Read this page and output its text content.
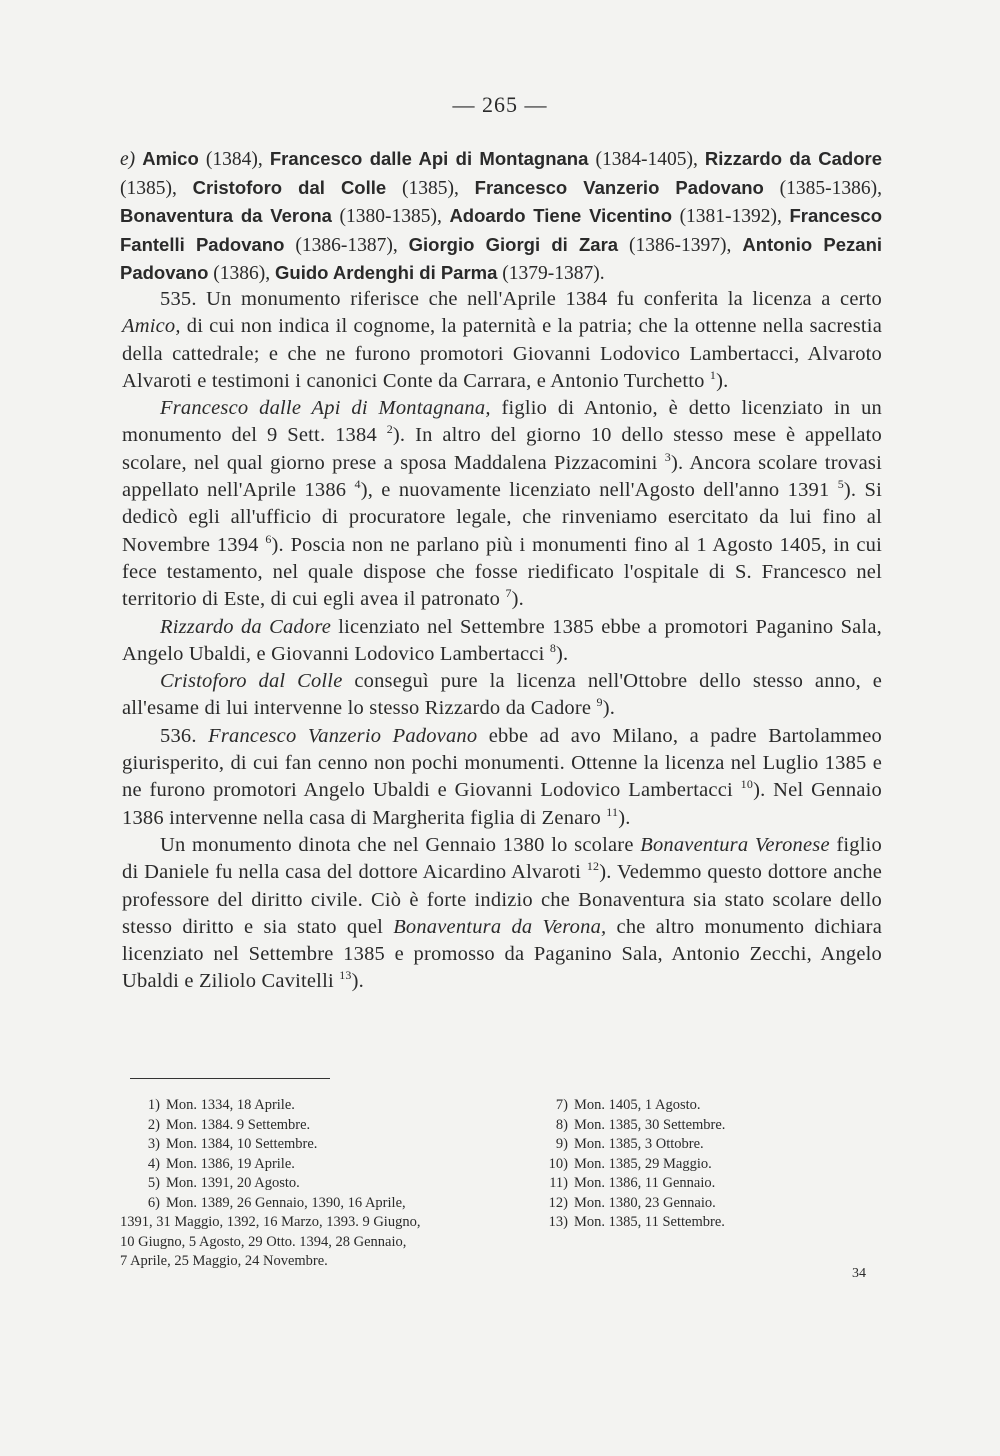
— 265 —
e) Amico (1384), Francesco dalle Api di Montagnana (1384-1405), Rizzardo da Cadore (1385), Cristoforo dal Colle (1385), Francesco Vanzerio Padovano (1385-1386), Bonaventura da Verona (1380-1385), Adoardo Tiene Vicentino (1381-1392), Francesco Fantelli Padovano (1386-1387), Giorgio Giorgi di Zara (1386-1397), Antonio Pezani Padovano (1386), Guido Ardenghi di Parma (1379-1387).

535. Un monumento riferisce che nell'Aprile 1384 fu conferita la licenza a certo Amico, di cui non indica il cognome, la paternità e la patria; che la ottenne nella sacrestia della cattedrale; e che ne furono promotori Giovanni Lodovico Lambertacci, Alvaroto Alvaroti e testimoni i canonici Conte da Carrara, e Antonio Turchetto $^1$).

Francesco dalle Api di Montagnana, figlio di Antonio, è detto licenziato in un monumento del 9 Sett. 1384 $^2$). In altro del giorno 10 dello stesso mese è appellato scolare, nel qual giorno prese a sposa Maddalena Pizzacomini $^3$). Ancora scolare trovasi appellato nell'Aprile 1386 $^4$), e nuovamente licenziato nell'Agosto dell'anno 1391 $^5$). Si dedicò egli all'ufficio di procuratore legale, che rinveniamo esercitato da lui fino al Novembre 1394 $^6$). Poscia non ne parlano più i monumenti fino al 1 Agosto 1405, in cui fece testamento, nel quale dispose che fosse riedificato l'ospitale di S. Francesco nel territorio di Este, di cui egli avea il patronato $^7$).

Rizzardo da Cadore licenziato nel Settembre 1385 ebbe a promotori Paganino Sala, Angelo Ubaldi, e Giovanni Lodovico Lambertacci $^8$).

Cristoforo dal Colle conseguì pure la licenza nell'Ottobre dello stesso anno, e all'esame di lui intervenne lo stesso Rizzardo da Cadore $^9$).

536. Francesco Vanzerio Padovano ebbe ad avo Milano, a padre Bartolammeo giurisperito, di cui fan cenno non pochi monumenti. Ottenne la licenza nel Luglio 1385 e ne furono promotori Angelo Ubaldi e Giovanni Lodovico Lambertacci $^{10}$). Nel Gennaio 1386 intervenne nella casa di Margherita figlia di Zenaro $^{11}$).

Un monumento dinota che nel Gennaio 1380 lo scolare Bonaventura Veronese figlio di Daniele fu nella casa del dottore Aicardino Alvaroti $^{12}$). Vedemmo questo dottore anche professore del diritto civile. Ciò è forte indizio che Bonaventura sia stato scolare dello stesso diritto e sia stato quel Bonaventura da Verona, che altro monumento dichiara licenziato nel Settembre 1385 e promosso da Paganino Sala, Antonio Zecchi, Angelo Ubaldi e Ziliolo Cavitelli $^{13}$).

1) Mon. 1334, 18 Aprile.

2) Mon. 1384. 9 Settembre.

3) Mon. 1384, 10 Settembre.

4) Mon. 1386, 19 Aprile.

5) Mon. 1391, 20 Agosto.

6) Mon. 1389, 26 Gennaio, 1390, 16 Aprile,

1391, 31 Maggio, 1392, 16 Marzo, 1393. 9 Giugno,

10 Giugno, 5 Agosto, 29 Otto. 1394, 28 Gennaio,

7 Aprile, 25 Maggio, 24 Novembre.

7) Mon. 1405, 1 Agosto.

8) Mon. 1385, 30 Settembre.

9) Mon. 1385, 3 Ottobre.

10) Mon. 1385, 29 Maggio.

11) Mon. 1386, 11 Gennaio.

12) Mon. 1380, 23 Gennaio.

13) Mon. 1385, 11 Settembre.

34
